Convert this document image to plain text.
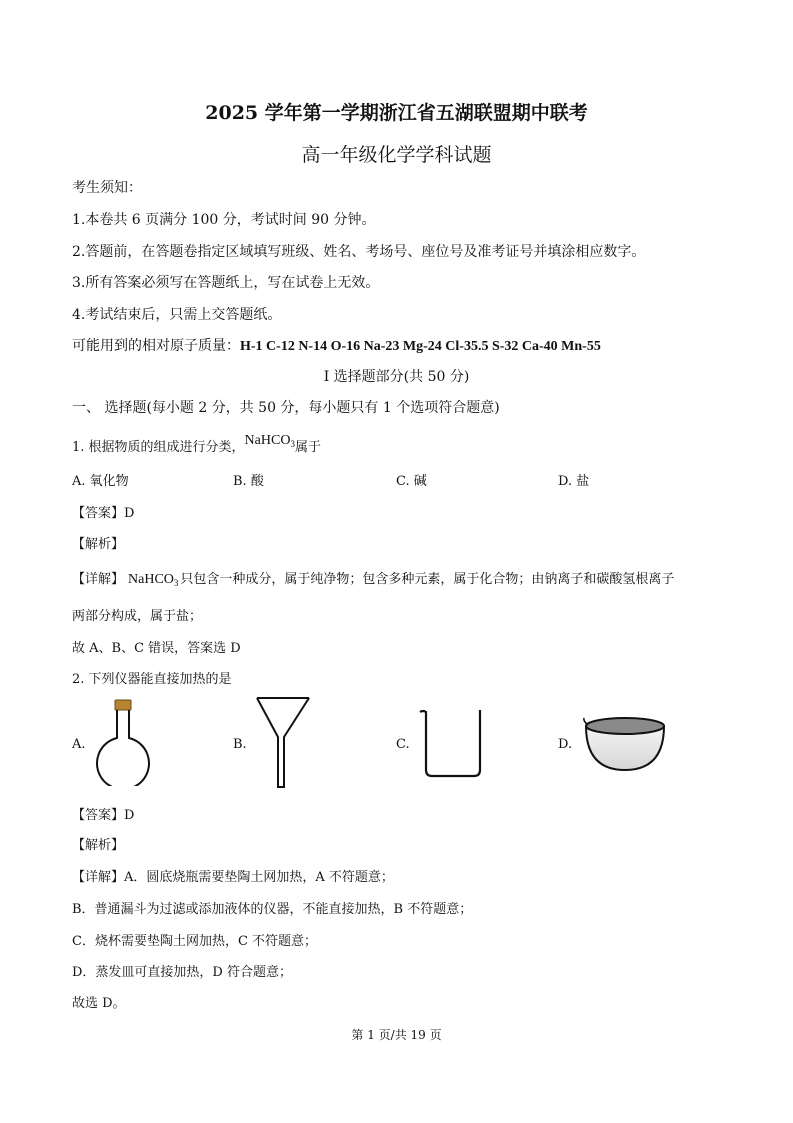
2025 学年第一学期浙江省五湖联盟期中联考
高一年级化学学科试题
考生须知：
1.本卷共 6 页满分 100 分，考试时间 90 分钟。
2.答题前，在答题卷指定区域填写班级、姓名、考场号、座位号及准考证号并填涂相应数字。
3.所有答案必须写在答题纸上，写在试卷上无效。
4.考试结束后，只需上交答题纸。
可能用到的相对原子质量：H-1 C-12 N-14 O-16 Na-23 Mg-24 Cl-35.5 S-32 Ca-40 Mn-55
I 选择题部分(共 50 分)
一、 选择题(每小题 2 分，共 50 分，每小题只有 1 个选项符合题意)
1. 根据物质的组成进行分类，NaHCO$_3$属于
A. 氧化物	B. 酸	C. 碱	D. 盐
【答案】D
【解析】
【详解】 NaHCO$_3$ 只包含一种成分，属于纯净物；包含多种元素，属于化合物；由钠离子和碳酸氢根离子
两部分构成，属于盐；
故 A、B、C 错误，答案选 D
2. 下列仪器能直接加热的是
A.	B.	C.	D.
【答案】D
【解析】
【详解】A．圆底烧瓶需要垫陶土网加热，A 不符题意；
B．普通漏斗为过滤或添加液体的仪器，不能直接加热，B 不符题意；
C．烧杯需要垫陶土网加热，C 不符题意；
D．蒸发皿可直接加热，D 符合题意；
故选 D。
第 1 页/共 19 页
